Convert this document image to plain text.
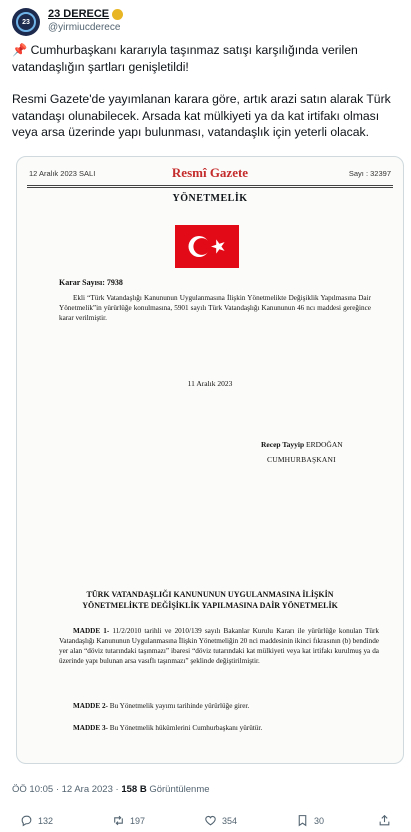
23
23 DERECE
@yirmiucderece

📌 Cumhurbaşkanı kararıyla taşınmaz satışı karşılığında verilen vatandaşlığın şartları genişletildi!

Resmi Gazete'de yayımlanan karara göre, artık arazi satın alarak Türk vatandaşı olunabilecek. Arsada kat mülkiyeti ya da kat irtifakı olması veya arsa üzerinde yapı bulunması, vatandaşlık için yeterli olacak.

12 Aralık 2023 SALI	Resmî Gazete	Sayı : 32397
YÖNETMELİK
Karar Sayısı: 7938
Ekli “Türk Vatandaşlığı Kanununun Uygulanmasına İlişkin Yönetmelikte Değişiklik Yapılmasına Dair Yönetmelik”in yürürlüğe konulmasına, 5901 sayılı Türk Vatandaşlığı Kanununun 46 ncı maddesi gereğince karar verilmiştir.
11 Aralık 2023
Recep Tayyip ERDOĞAN
CUMHURBAŞKANI
TÜRK VATANDAŞLIĞI KANUNUNUN UYGULANMASINA İLİŞKİN
YÖNETMELİKTE DEĞİŞİKLİK YAPILMASINA DAİR YÖNETMELİK
MADDE 1- 11/2/2010 tarihli ve 2010/139 sayılı Bakanlar Kurulu Kararı ile yürürlüğe konulan Türk Vatandaşlığı Kanununun Uygulanmasına İlişkin Yönetmeliğin 20 nci maddesinin ikinci fıkrasının (b) bendinde yer alan “döviz tutarındaki taşınmazı” ibaresi “döviz tutarındaki kat mülkiyeti veya kat irtifakı kurulmuş ya da üzerinde yapı bulunan arsa vasıflı taşınmazı” şeklinde değiştirilmiştir.
MADDE 2- Bu Yönetmelik yayımı tarihinde yürürlüğe girer.
MADDE 3- Bu Yönetmelik hükümlerini Cumhurbaşkanı yürütür.
ÖÖ 10:05 · 12 Ara 2023 · 158 B Görüntülenme
132	197	354	30
